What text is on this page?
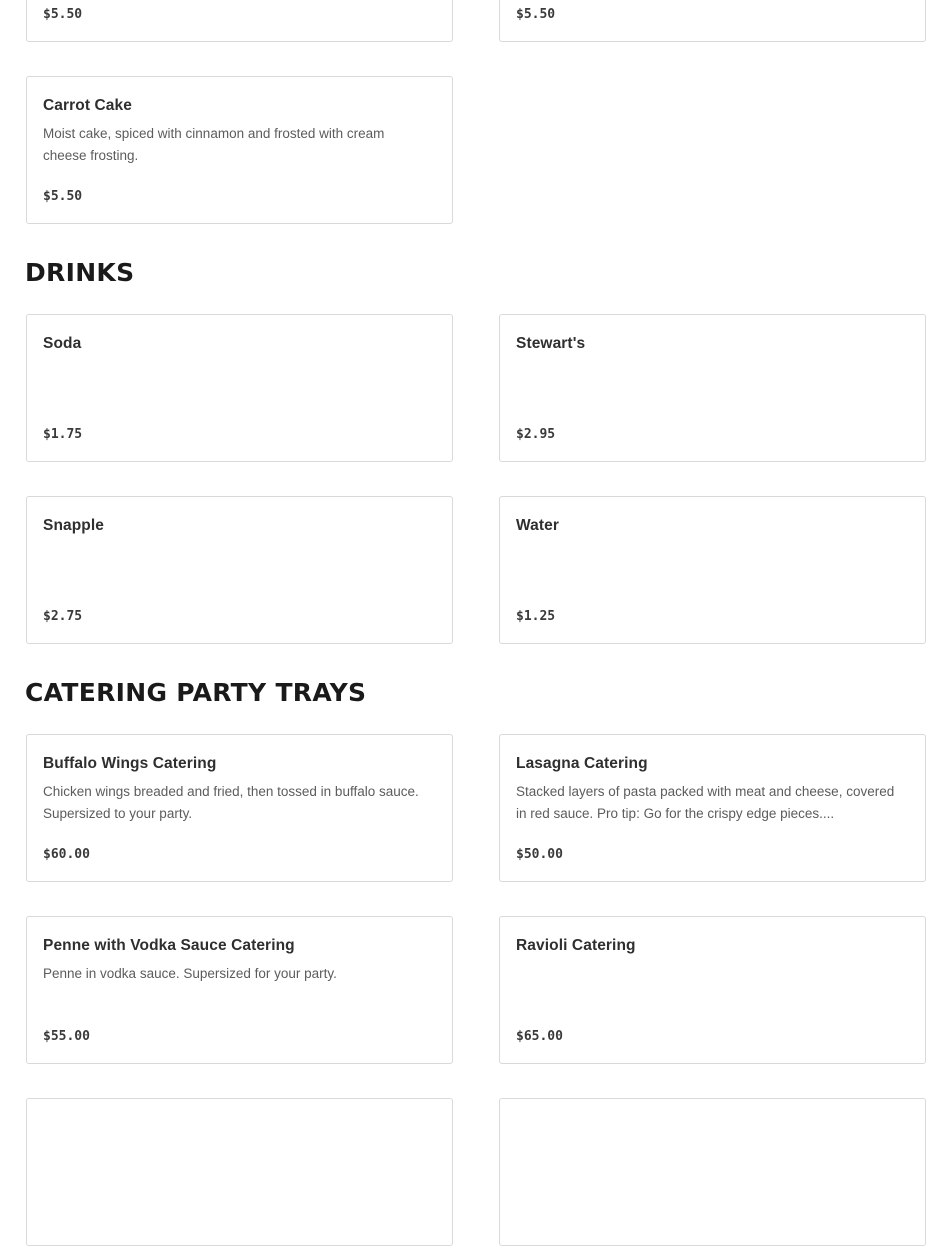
$5.50	$5.50
Carrot Cake
Moist cake, spiced with cinnamon and frosted with cream cheese frosting.
$5.50
DRINKS
Soda
$1.75
Stewart's
$2.95
Snapple
$2.75
Water
$1.25
CATERING PARTY TRAYS
Buffalo Wings Catering
Chicken wings breaded and fried, then tossed in buffalo sauce. Supersized to your party.
$60.00
Lasagna Catering
Stacked layers of pasta packed with meat and cheese, covered in red sauce. Pro tip: Go for the crispy edge pieces....
$50.00
Penne with Vodka Sauce Catering
Penne in vodka sauce. Supersized for your party.
$55.00
Ravioli Catering
$65.00
